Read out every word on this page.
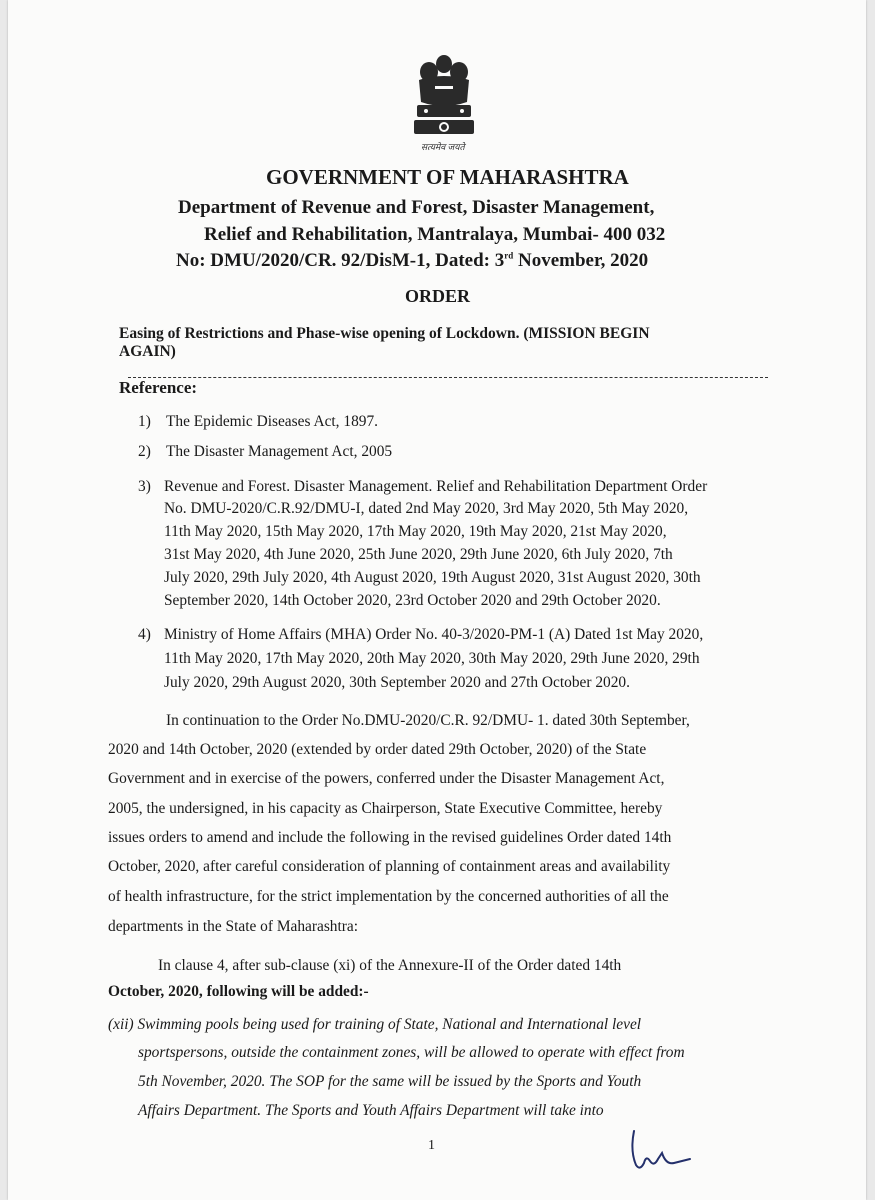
सत्यमेव जयते
GOVERNMENT OF MAHARASHTRA
Department of Revenue and Forest, Disaster Management,
Relief and Rehabilitation, Mantralaya, Mumbai- 400 032
No: DMU/2020/CR. 92/DisM-1, Dated: 3rd November, 2020
ORDER
Easing of Restrictions and Phase-wise opening of Lockdown. (MISSION BEGIN
AGAIN)
Reference:
1) The Epidemic Diseases Act, 1897.
2) The Disaster Management Act, 2005
3) Revenue and Forest. Disaster Management. Relief and Rehabilitation Department Order
No. DMU-2020/C.R.92/DMU-I, dated 2nd May 2020, 3rd May 2020, 5th May 2020,
11th May 2020, 15th May 2020, 17th May 2020, 19th May 2020, 21st May 2020,
31st May 2020, 4th June 2020, 25th June 2020, 29th June 2020, 6th July 2020, 7th
July 2020, 29th July 2020, 4th August 2020, 19th August 2020, 31st August 2020, 30th
September 2020, 14th October 2020, 23rd October 2020 and 29th October 2020.
4) Ministry of Home Affairs (MHA) Order No. 40-3/2020-PM-1 (A) Dated 1st May 2020,
11th May 2020, 17th May 2020, 20th May 2020, 30th May 2020, 29th June 2020, 29th
July 2020, 29th August 2020, 30th September 2020 and 27th October 2020.
In continuation to the Order No.DMU-2020/C.R. 92/DMU- 1. dated 30th September,
2020 and 14th October, 2020 (extended by order dated 29th October, 2020) of the State
Government and in exercise of the powers, conferred under the Disaster Management Act,
2005, the undersigned, in his capacity as Chairperson, State Executive Committee, hereby
issues orders to amend and include the following in the revised guidelines Order dated 14th
October, 2020, after careful consideration of planning of containment areas and availability
of health infrastructure, for the strict implementation by the concerned authorities of all the
departments in the State of Maharashtra:
In clause 4, after sub-clause (xi) of the Annexure-II of the Order dated 14th
October, 2020, following will be added:-
(xii) Swimming pools being used for training of State, National and International level
sportspersons, outside the containment zones, will be allowed to operate with effect from
5th November, 2020. The SOP for the same will be issued by the Sports and Youth
Affairs Department. The Sports and Youth Affairs Department will take into
1
